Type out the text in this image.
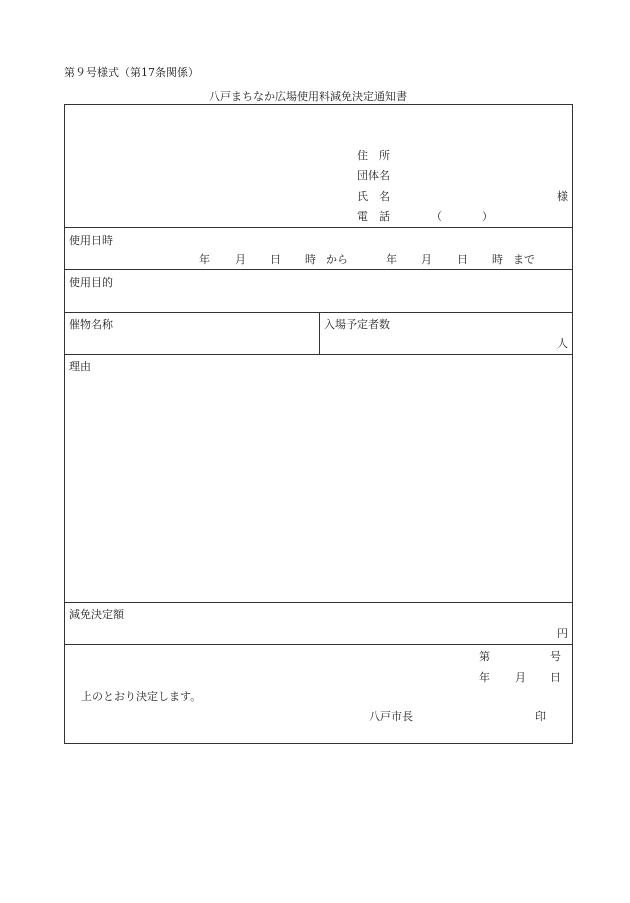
第９号様式（第17条関係）
八戸まちなか広場使用料減免決定通知書
住　所
団体名
氏　名	様
電　話	（	）
使用日時
年 月 日 時 から	年 月 日 時 まで
使用目的
催物名称	入場予定者数
人
理由
減免決定額
円
第	号
年 月 日
上のとおり決定します。
八戸市長	印
